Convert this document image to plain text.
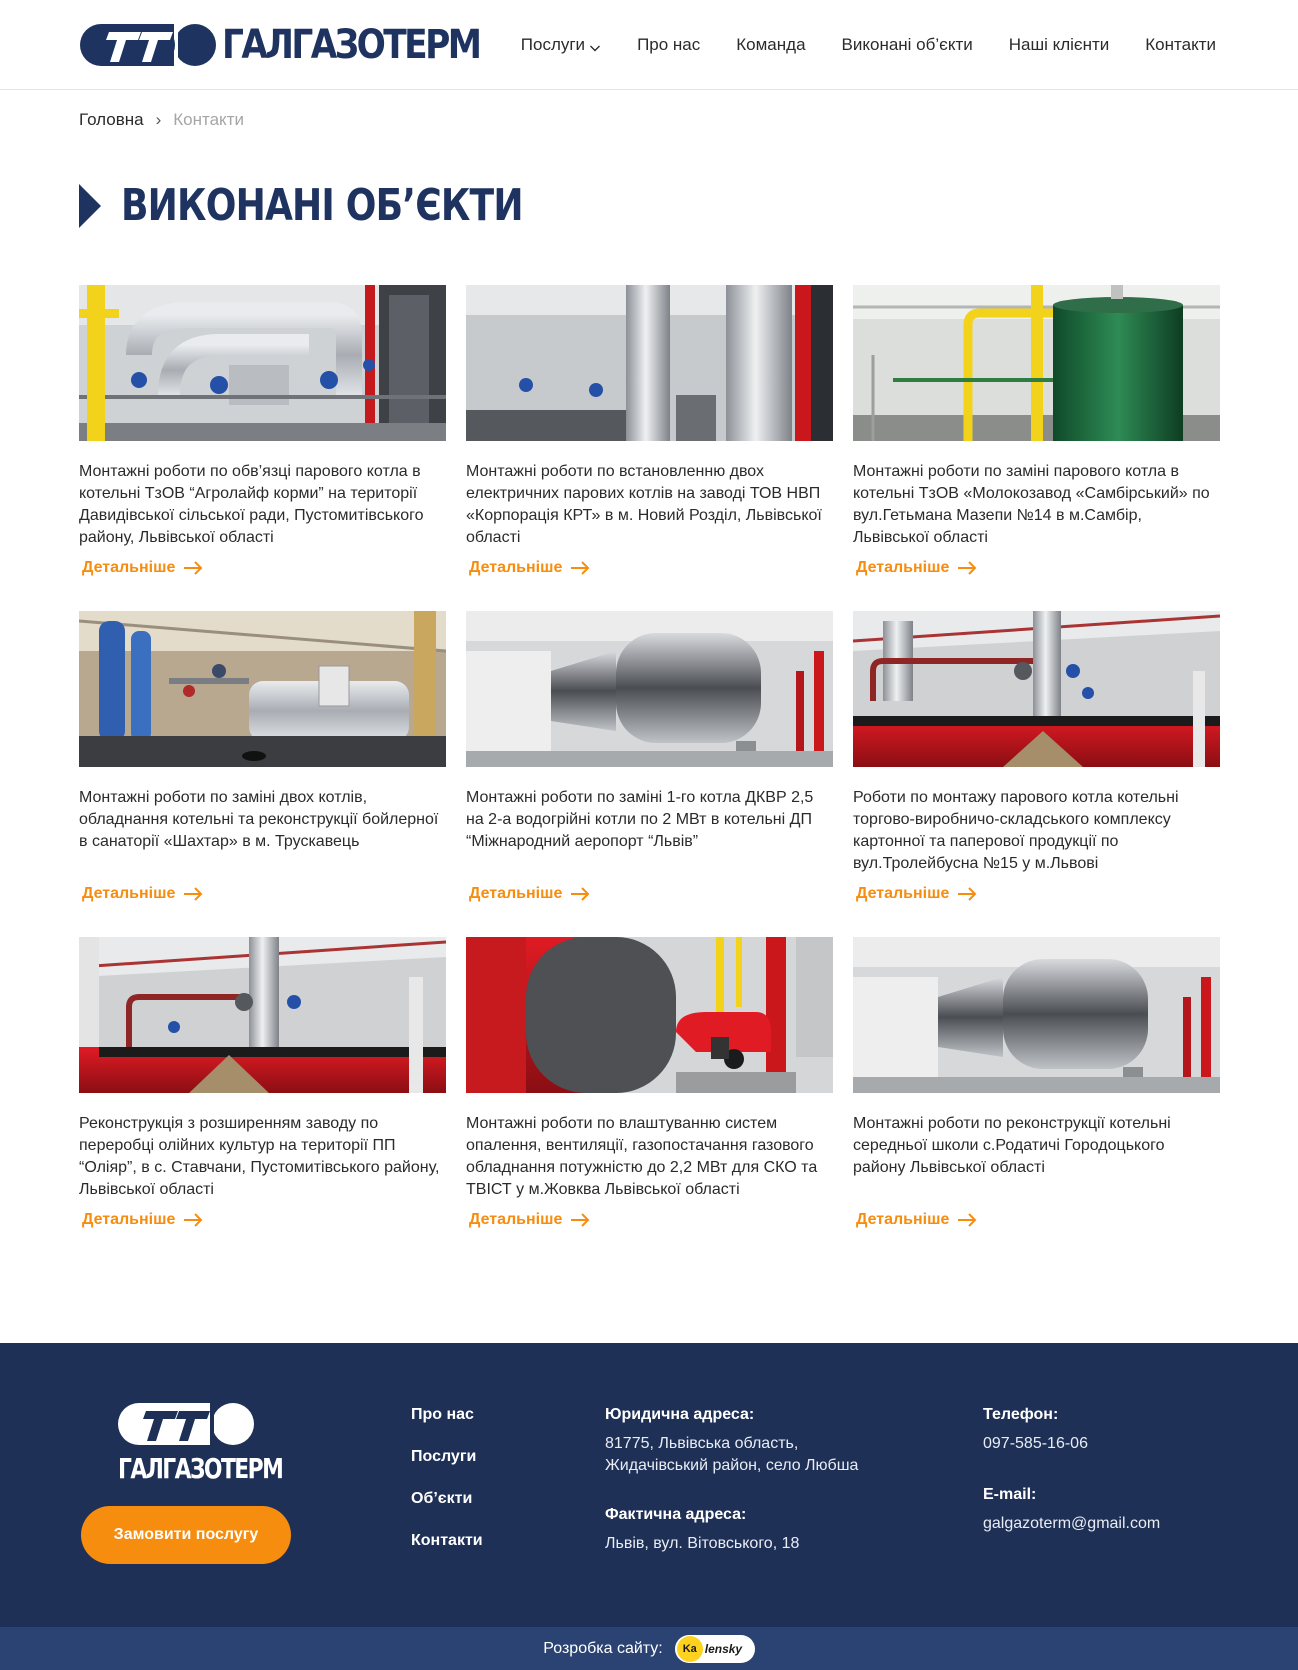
ГАЛГАЗОТЕРМ Послуги	Про нас Команда Виконані об’єкти Наші клієнти Контакти
Головна › Контакти
ВИКОНАНІ ОБ’ЄКТИ
Монтажні роботи по обв’язці парового котла в котельні ТзОВ “Агролайф корми” на території Давидівської сільської ради, Пустомитівського району, Львівської області
Детальніше
Монтажні роботи по встановленню двох електричних парових котлів на заводі ТОВ НВП «Корпорація КРТ» в м. Новий Розділ, Львівської області
Детальніше
Монтажні роботи по заміні парового котла в котельні ТзОВ «Молокозавод «Самбірський» по вул.Гетьмана Мазепи №14 в м.Самбір, Львівської області
Детальніше
Монтажні роботи по заміні двох котлів, обладнання котельні та реконструкції бойлерної в санаторії «Шахтар» в м. Трускавець
Детальніше
Монтажні роботи по заміні 1-го котла ДКВР 2,5 на 2-а водогрійні котли по 2 МВт в котельні ДП “Міжнародний аеропорт “Львів”
Детальніше
Роботи по монтажу парового котла котельні торгово-виробничо-складського комплексу картонної та паперової продукції по вул.Тролейбусна №15 у м.Львові
Детальніше
Реконструкція з розширенням заводу по переробці олійних культур на території ПП “Оліяр”, в с. Ставчани, Пустомитівського району, Львівської області
Детальніше
Монтажні роботи по влаштуванню систем опалення, вентиляції, газопостачання газового обладнання потужністю до 2,2 МВт для СКО та ТВІСТ у м.Жовква Львівської області
Детальніше
Монтажні роботи по реконструкції котельні середньої школи с.Родатичі Городоцького району Львівської області
Детальніше
ГАЛГАЗОТЕРМ
Замовити послугу
Про нас
Послуги
Об’єкти
Контакти
Юридична адреса:
81775, Львівська область, Жидачівський район, село Любша
Фактична адреса:
Львів, вул. Вітовського, 18
Телефон:
097-585-16-06
E-mail:
galgazoterm@gmail.com
Розробка сайту:	Ka lensky
